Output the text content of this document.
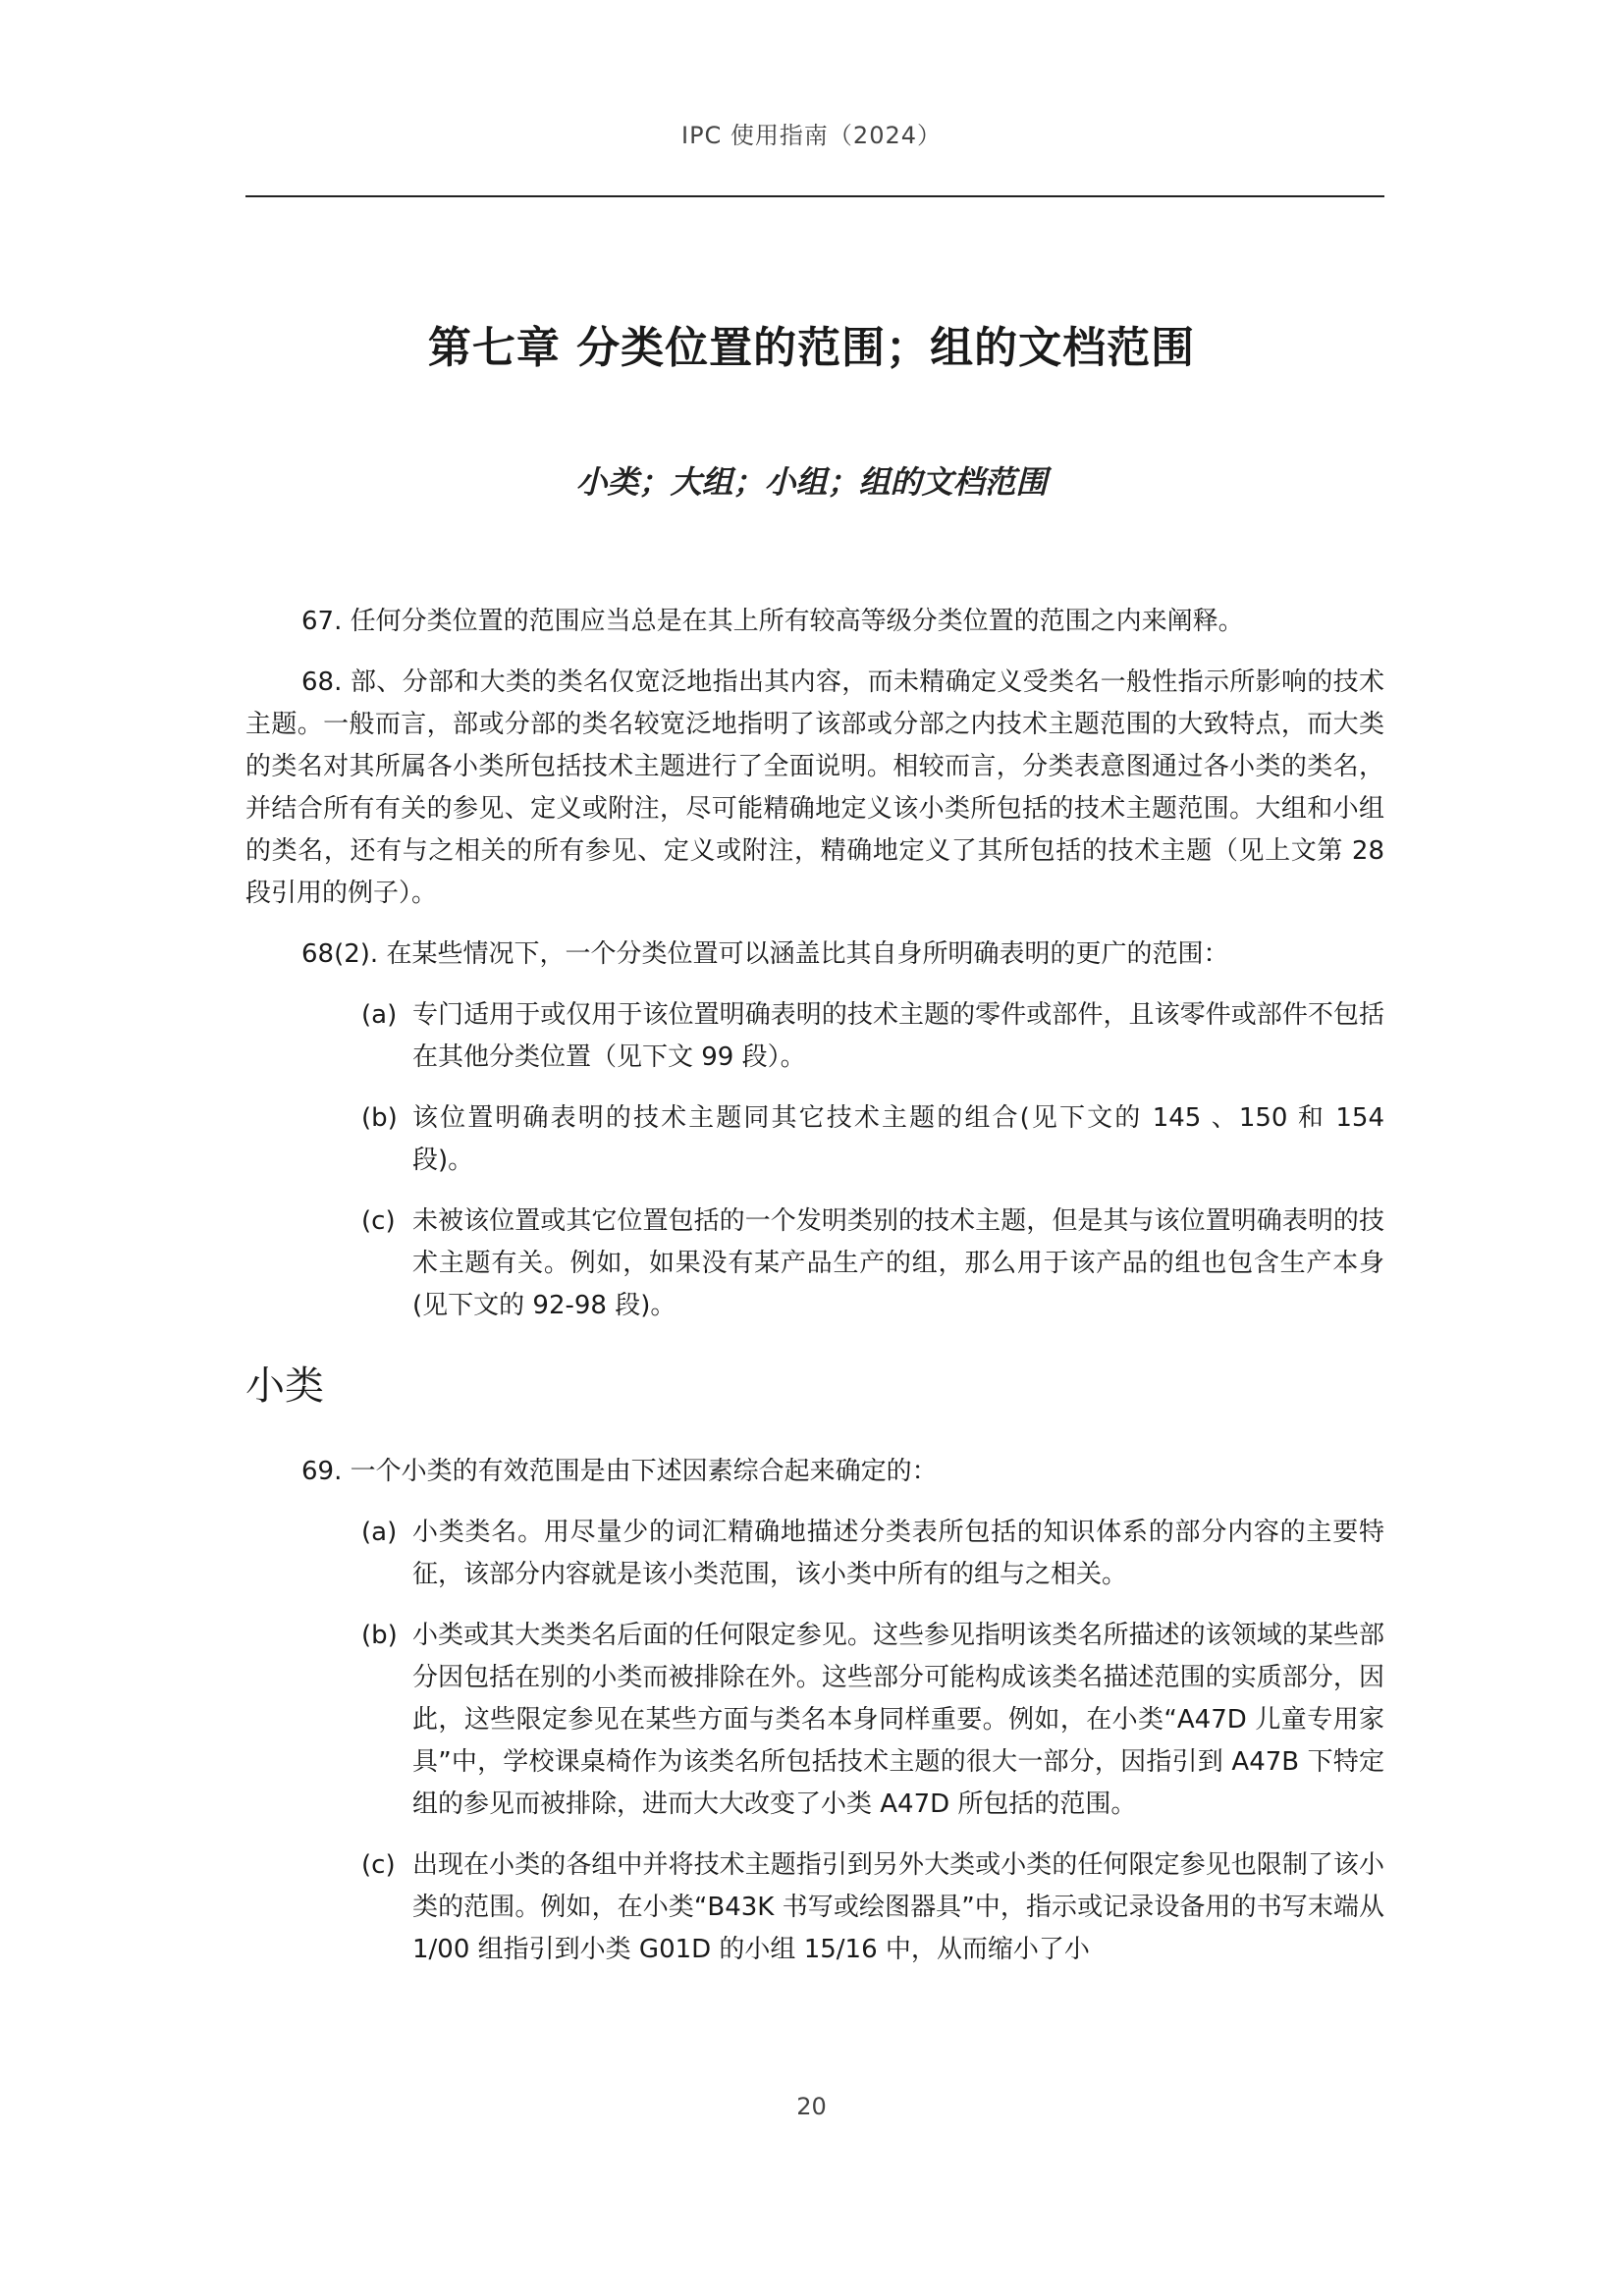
IPC 使用指南（2024）
第七章 分类位置的范围；组的文档范围
小类；大组；小组；组的文档范围

67. 任何分类位置的范围应当总是在其上所有较高等级分类位置的范围之内来阐释。

68. 部、分部和大类的类名仅宽泛地指出其内容，而未精确定义受类名一般性指示所影响的技术主题。一般而言，部或分部的类名较宽泛地指明了该部或分部之内技术主题范围的大致特点，而大类的类名对其所属各小类所包括技术主题进行了全面说明。相较而言，分类表意图通过各小类的类名，并结合所有有关的参见、定义或附注，尽可能精确地定义该小类所包括的技术主题范围。大组和小组的类名，还有与之相关的所有参见、定义或附注，精确地定义了其所包括的技术主题（见上文第 28 段引用的例子）。

68(2). 在某些情况下，一个分类位置可以涵盖比其自身所明确表明的更广的范围：

(a) 专门适用于或仅用于该位置明确表明的技术主题的零件或部件，且该零件或部件不包括在其他分类位置（见下文 99 段）。
(b) 该位置明确表明的技术主题同其它技术主题的组合(见下文的 145 、150 和 154 段)。
(c) 未被该位置或其它位置包括的一个发明类别的技术主题，但是其与该位置明确表明的技术主题有关。例如，如果没有某产品生产的组，那么用于该产品的组也包含生产本身(见下文的 92-98 段)。
小类

69. 一个小类的有效范围是由下述因素综合起来确定的：

(a) 小类类名。用尽量少的词汇精确地描述分类表所包括的知识体系的部分内容的主要特征，该部分内容就是该小类范围，该小类中所有的组与之相关。
(b) 小类或其大类类名后面的任何限定参见。这些参见指明该类名所描述的该领域的某些部分因包括在别的小类而被排除在外。这些部分可能构成该类名描述范围的实质部分，因此，这些限定参见在某些方面与类名本身同样重要。例如，在小类“A47D 儿童专用家具”中，学校课桌椅作为该类名所包括技术主题的很大一部分，因指引到 A47B 下特定组的参见而被排除，进而大大改变了小类 A47D 所包括的范围。
(c) 出现在小类的各组中并将技术主题指引到另外大类或小类的任何限定参见也限制了该小类的范围。例如，在小类“B43K 书写或绘图器具”中，指示或记录设备用的书写末端从 1/00 组指引到小类 G01D 的小组 15/16 中，从而缩小了小
20
